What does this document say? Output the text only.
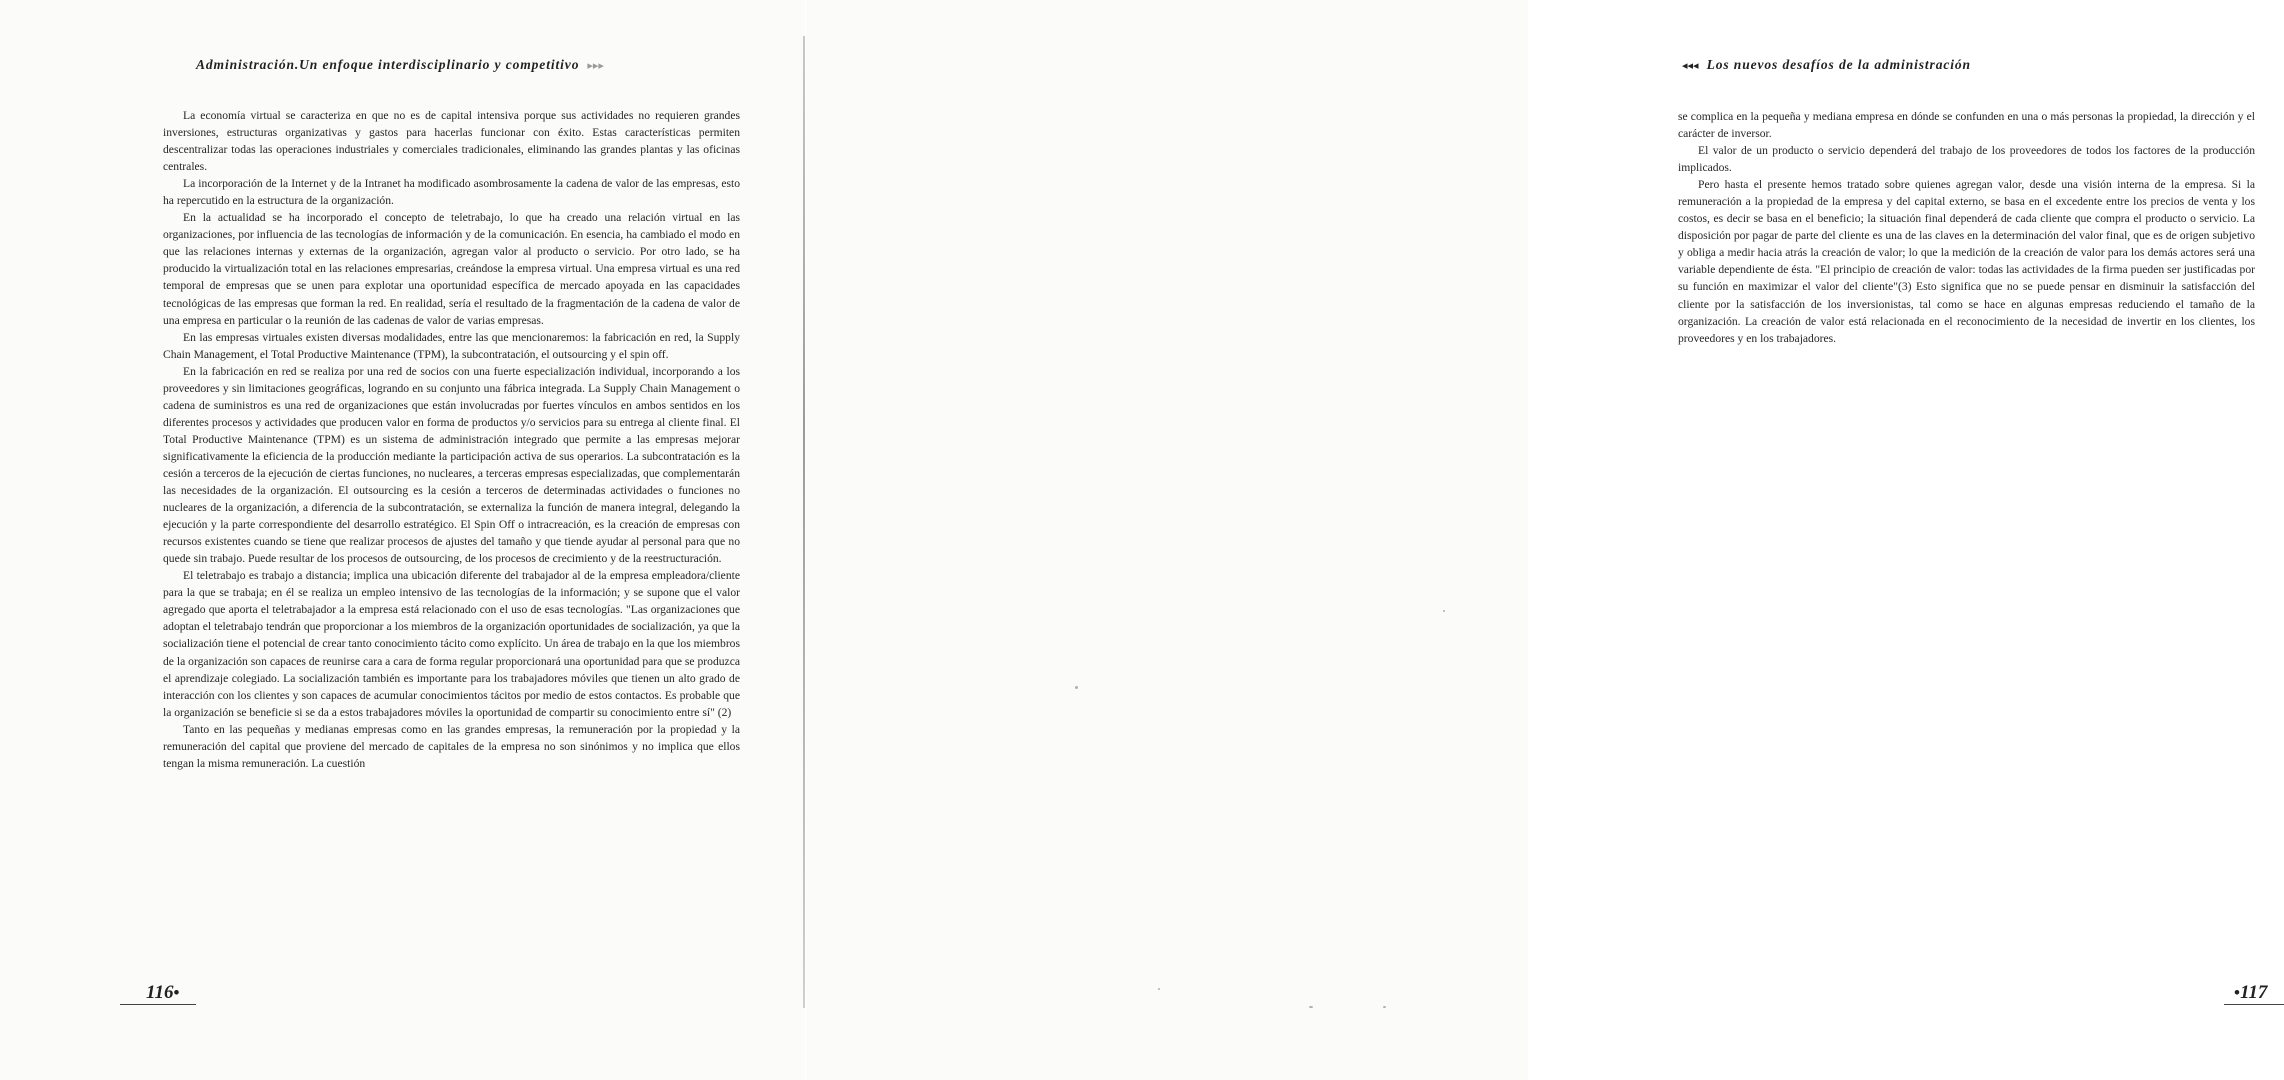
Administración.Un enfoque interdisciplinario y competitivo ▸▸▸

La economía virtual se caracteriza en que no es de capital intensiva porque sus actividades no requieren grandes inversiones, estructuras organizativas y gastos para hacerlas funcionar con éxito. Estas características permiten descentralizar todas las operaciones industriales y comerciales tradicionales, eliminando las grandes plantas y las oficinas centrales.

La incorporación de la Internet y de la Intranet ha modificado asombrosamente la cadena de valor de las empresas, esto ha repercutido en la estructura de la organización.

En la actualidad se ha incorporado el concepto de teletrabajo, lo que ha creado una relación virtual en las organizaciones, por influencia de las tecnologías de información y de la comunicación. En esencia, ha cambiado el modo en que las relaciones internas y externas de la organización, agregan valor al producto o servicio. Por otro lado, se ha producido la virtualización total en las relaciones empresarias, creándose la empresa virtual. Una empresa virtual es una red temporal de empresas que se unen para explotar una oportunidad específica de mercado apoyada en las capacidades tecnológicas de las empresas que forman la red. En realidad, sería el resultado de la fragmentación de la cadena de valor de una empresa en particular o la reunión de las cadenas de valor de varias empresas.

En las empresas virtuales existen diversas modalidades, entre las que mencionaremos: la fabricación en red, la Supply Chain Management, el Total Productive Maintenance (TPM), la subcontratación, el outsourcing y el spin off.

En la fabricación en red se realiza por una red de socios con una fuerte especialización individual, incorporando a los proveedores y sin limitaciones geográficas, logrando en su conjunto una fábrica integrada. La Supply Chain Management o cadena de suministros es una red de organizaciones que están involucradas por fuertes vínculos en ambos sentidos en los diferentes procesos y actividades que producen valor en forma de productos y/o servicios para su entrega al cliente final. El Total Productive Maintenance (TPM) es un sistema de administración integrado que permite a las empresas mejorar significativamente la eficiencia de la producción mediante la participación activa de sus operarios. La subcontratación es la cesión a terceros de la ejecución de ciertas funciones, no nucleares, a terceras empresas especializadas, que complementarán las necesidades de la organización. El outsourcing es la cesión a terceros de determinadas actividades o funciones no nucleares de la organización, a diferencia de la subcontratación, se externaliza la función de manera integral, delegando la ejecución y la parte correspondiente del desarrollo estratégico. El Spin Off o intracreación, es la creación de empresas con recursos existentes cuando se tiene que realizar procesos de ajustes del tamaño y que tiende ayudar al personal para que no quede sin trabajo. Puede resultar de los procesos de outsourcing, de los procesos de crecimiento y de la reestructuración.

El teletrabajo es trabajo a distancia; implica una ubicación diferente del trabajador al de la empresa empleadora/cliente para la que se trabaja; en él se realiza un empleo intensivo de las tecnologías de la información; y se supone que el valor agregado que aporta el teletrabajador a la empresa está relacionado con el uso de esas tecnologías. "Las organizaciones que adoptan el teletrabajo tendrán que proporcionar a los miembros de la organización oportunidades de socialización, ya que la socialización tiene el potencial de crear tanto conocimiento tácito como explícito. Un área de trabajo en la que los miembros de la organización son capaces de reunirse cara a cara de forma regular proporcionará una oportunidad para que se produzca el aprendizaje colegiado. La socialización también es importante para los trabajadores móviles que tienen un alto grado de interacción con los clientes y son capaces de acumular conocimientos tácitos por medio de estos contactos. Es probable que la organización se beneficie si se da a estos trabajadores móviles la oportunidad de compartir su conocimiento entre sí" (2)

Tanto en las pequeñas y medianas empresas como en las grandes empresas, la remuneración por la propiedad y la remuneración del capital que proviene del mercado de capitales de la empresa no son sinónimos y no implica que ellos tengan la misma remuneración. La cuestión

116•
◂◂◂ Los nuevos desafíos de la administración

se complica en la pequeña y mediana empresa en dónde se confunden en una o más personas la propiedad, la dirección y el carácter de inversor.

El valor de un producto o servicio dependerá del trabajo de los proveedores de todos los factores de la producción implicados.

Pero hasta el presente hemos tratado sobre quienes agregan valor, desde una visión interna de la empresa. Si la remuneración a la propiedad de la empresa y del capital externo, se basa en el excedente entre los precios de venta y los costos, es decir se basa en el beneficio; la situación final dependerá de cada cliente que compra el producto o servicio. La disposición por pagar de parte del cliente es una de las claves en la determinación del valor final, que es de origen subjetivo y obliga a medir hacia atrás la creación de valor; lo que la medición de la creación de valor para los demás actores será una variable dependiente de ésta. "El principio de creación de valor: todas las actividades de la firma pueden ser justificadas por su función en maximizar el valor del cliente"(3) Esto significa que no se puede pensar en disminuir la satisfacción del cliente por la satisfacción de los inversionistas, tal como se hace en algunas empresas reduciendo el tamaño de la organización. La creación de valor está relacionada en el reconocimiento de la necesidad de invertir en los clientes, los proveedores y en los trabajadores.

•117
